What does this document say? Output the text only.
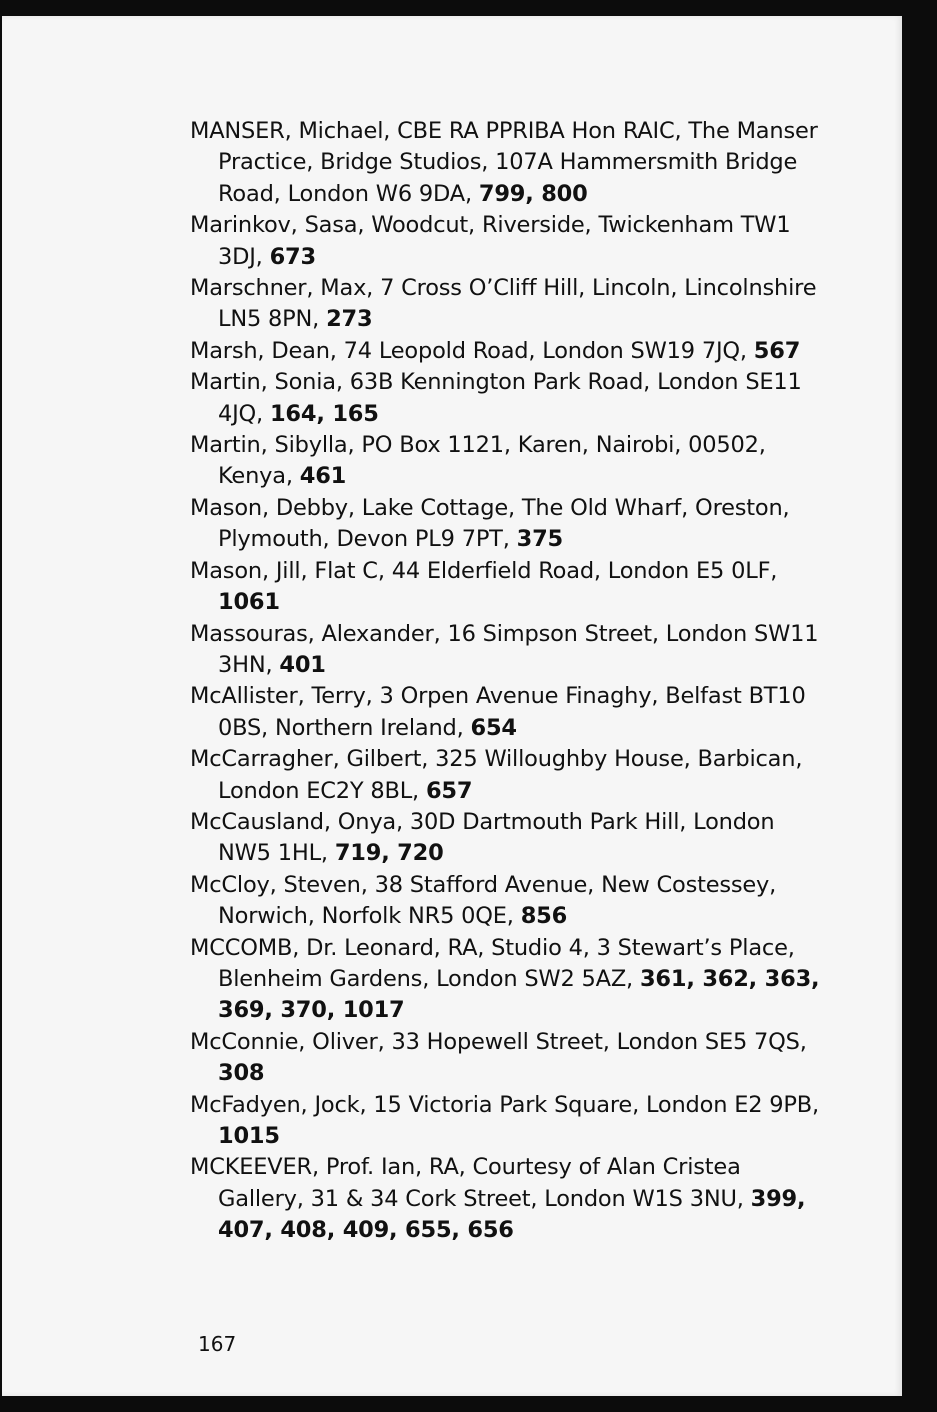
MANSER, Michael, CBE RA PPRIBA Hon RAIC, The Manser Practice, Bridge Studios, 107A Hammersmith Bridge Road, London W6 9DA, 799, 800

Marinkov, Sasa, Woodcut, Riverside, Twickenham TW1 3DJ, 673

Marschner, Max, 7 Cross O’Cliff Hill, Lincoln, Lincolnshire LN5 8PN, 273

Marsh, Dean, 74 Leopold Road, London SW19 7JQ, 567

Martin, Sonia, 63B Kennington Park Road, London SE11 4JQ, 164, 165

Martin, Sibylla, PO Box 1121, Karen, Nairobi, 00502, Kenya, 461

Mason, Debby, Lake Cottage, The Old Wharf, Oreston, Plymouth, Devon PL9 7PT, 375

Mason, Jill, Flat C, 44 Elderfield Road, London E5 0LF, 1061

Massouras, Alexander, 16 Simpson Street, London SW11 3HN, 401

McAllister, Terry, 3 Orpen Avenue Finaghy, Belfast BT10 0BS, Northern Ireland, 654

McCarragher, Gilbert, 325 Willoughby House, Barbican, London EC2Y 8BL, 657

McCausland, Onya, 30D Dartmouth Park Hill, London NW5 1HL, 719, 720

McCloy, Steven, 38 Stafford Avenue, New Costessey, Norwich, Norfolk NR5 0QE, 856

MCCOMB, Dr. Leonard, RA, Studio 4, 3 Stewart’s Place, Blenheim Gardens, London SW2 5AZ, 361, 362, 363, 369, 370, 1017

McConnie, Oliver, 33 Hopewell Street, London SE5 7QS, 308

McFadyen, Jock, 15 Victoria Park Square, London E2 9PB, 1015

MCKEEVER, Prof. Ian, RA, Courtesy of Alan Cristea Gallery, 31 & 34 Cork Street, London W1S 3NU, 399, 407, 408, 409, 655, 656

167
